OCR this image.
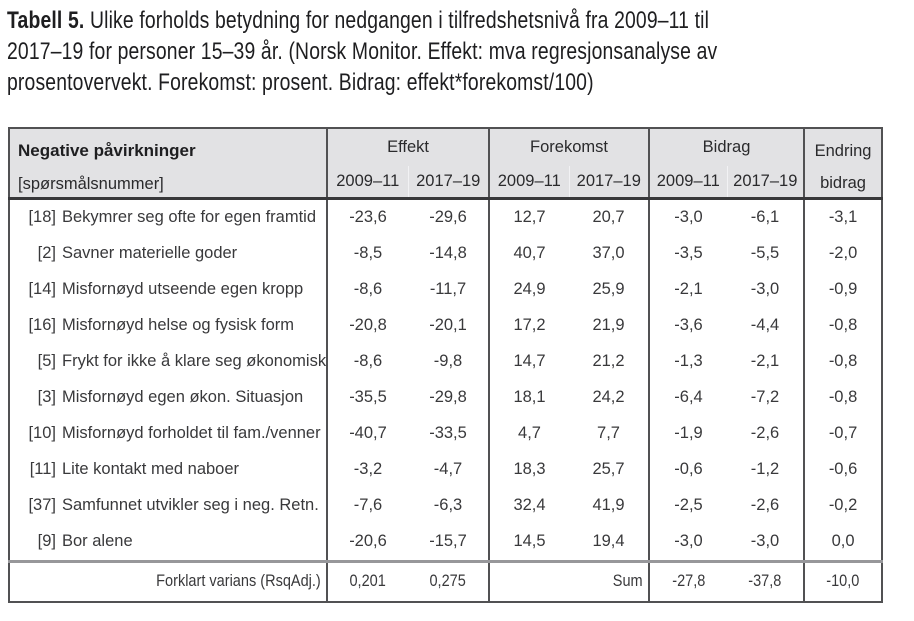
Tabell 5. Ulike forholds betydning for nedgangen i tilfredshetsnivå fra 2009–11 til
2017–19 for personer 15–39 år. (Norsk Monitor. Effekt: mva regresjonsanalyse av
prosentovervekt. Forekomst: prosent. Bidrag: effekt*forekomst/100)
Negative påvirkninger
[spørsmålsnummer]
	Effekt	Forekomst	Bidrag	Endring
bidrag

	2009–11	2017–19	2009–11	2017–19	2009–11	2017–19	
[18] Bekymrer seg ofte for egen framtid	-23,6	-29,6	12,7	20,7	-3,0	-6,1	-3,1
[2] Savner materielle goder	-8,5	-14,8	40,7	37,0	-3,5	-5,5	-2,0
[14] Misfornøyd utseende egen kropp	-8,6	-11,7	24,9	25,9	-2,1	-3,0	-0,9
[16] Misfornøyd helse og fysisk form	-20,8	-20,1	17,2	21,9	-3,6	-4,4	-0,8
[5] Frykt for ikke å klare seg økonomisk	-8,6	-9,8	14,7	21,2	-1,3	-2,1	-0,8
[3] Misfornøyd egen økon. Situasjon	-35,5	-29,8	18,1	24,2	-6,4	-7,2	-0,8
[10] Misfornøyd forholdet til fam./venner	-40,7	-33,5	4,7	7,7	-1,9	-2,6	-0,7
[11] Lite kontakt med naboer	-3,2	-4,7	18,3	25,7	-0,6	-1,2	-0,6
[37] Samfunnet utvikler seg i neg. Retn.	-7,6	-6,3	32,4	41,9	-2,5	-2,6	-0,2
[9] Bor alene	-20,6	-15,7	14,5	19,4	-3,0	-3,0	0,0
Forklart varians (RsqAdj.)	0,201	0,275	Sum		-27,8	-37,8	-10,0
